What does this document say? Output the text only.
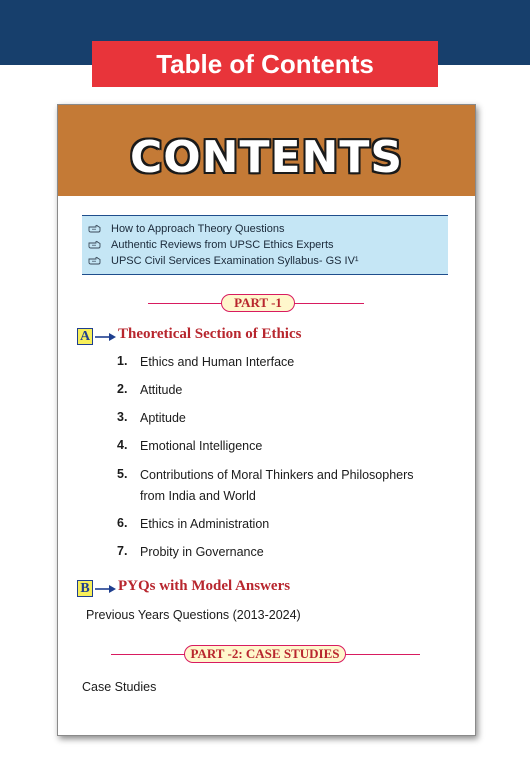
Table of Contents
CONTENTS
How to Approach Theory Questions
Authentic Reviews from UPSC Ethics Experts
UPSC Civil Services Examination Syllabus- GS IV¹
PART -1
A Theoretical Section of Ethics
1.	Ethics and Human Interface
2.	Attitude
3.	Aptitude
4.	Emotional Intelligence
5.	Contributions of Moral Thinkers and Philosophers
from India and World
6.	Ethics in Administration
7.	Probity in Governance
B PYQs with Model Answers
Previous Years Questions (2013-2024)
PART -2: CASE STUDIES
Case Studies
